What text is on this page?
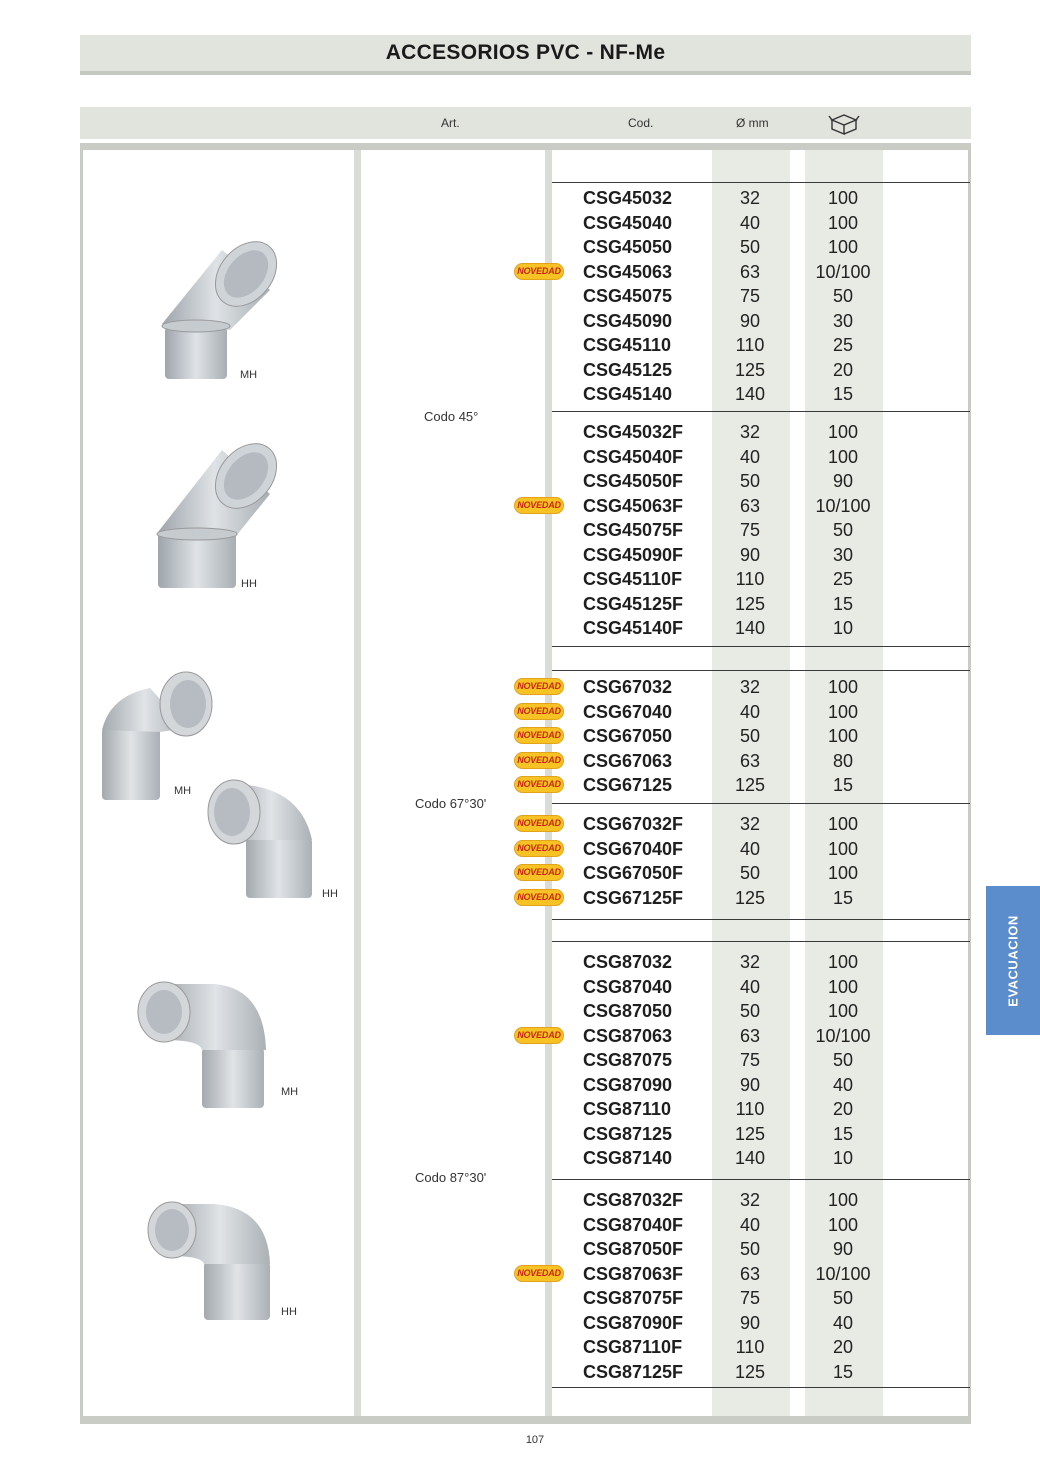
ACCESORIOS PVC - NF-Me
Art.	Cod.	Ø mm
CSG45032	32	100
CSG45040	40	100
CSG45050	50	100
NOVEDAD CSG45063	63	10/100
CSG45075	75	50
CSG45090	90	30
CSG45110	110	25
CSG45125	125	20
CSG45140	140	15
CSG45032F	32	100
CSG45040F	40	100
CSG45050F	50	90
NOVEDAD CSG45063F	63	10/100
CSG45075F	75	50
CSG45090F	90	30
CSG45110F	110	25
CSG45125F	125	15
CSG45140F	140	10
NOVEDAD CSG67032	32	100
NOVEDAD CSG67040	40	100
NOVEDAD CSG67050	50	100
NOVEDAD CSG67063	63	80
NOVEDAD CSG67125	125	15
NOVEDAD CSG67032F	32	100
NOVEDAD CSG67040F	40	100
NOVEDAD CSG67050F	50	100
NOVEDAD CSG67125F	125	15
CSG87032	32	100
CSG87040	40	100
CSG87050	50	100
NOVEDAD CSG87063	63	10/100
CSG87075	75	50
CSG87090	90	40
CSG87110	110	20
CSG87125	125	15
CSG87140	140	10
CSG87032F	32	100
CSG87040F	40	100
CSG87050F	50	90
NOVEDAD CSG87063F	63	10/100
CSG87075F	75	50
CSG87090F	90	40
CSG87110F	110	20
CSG87125F	125	15
Codo 45°
Codo 67°30'
Codo 87°30'
MH
HH
MH
HH
MH
HH
EVACUACION
107
